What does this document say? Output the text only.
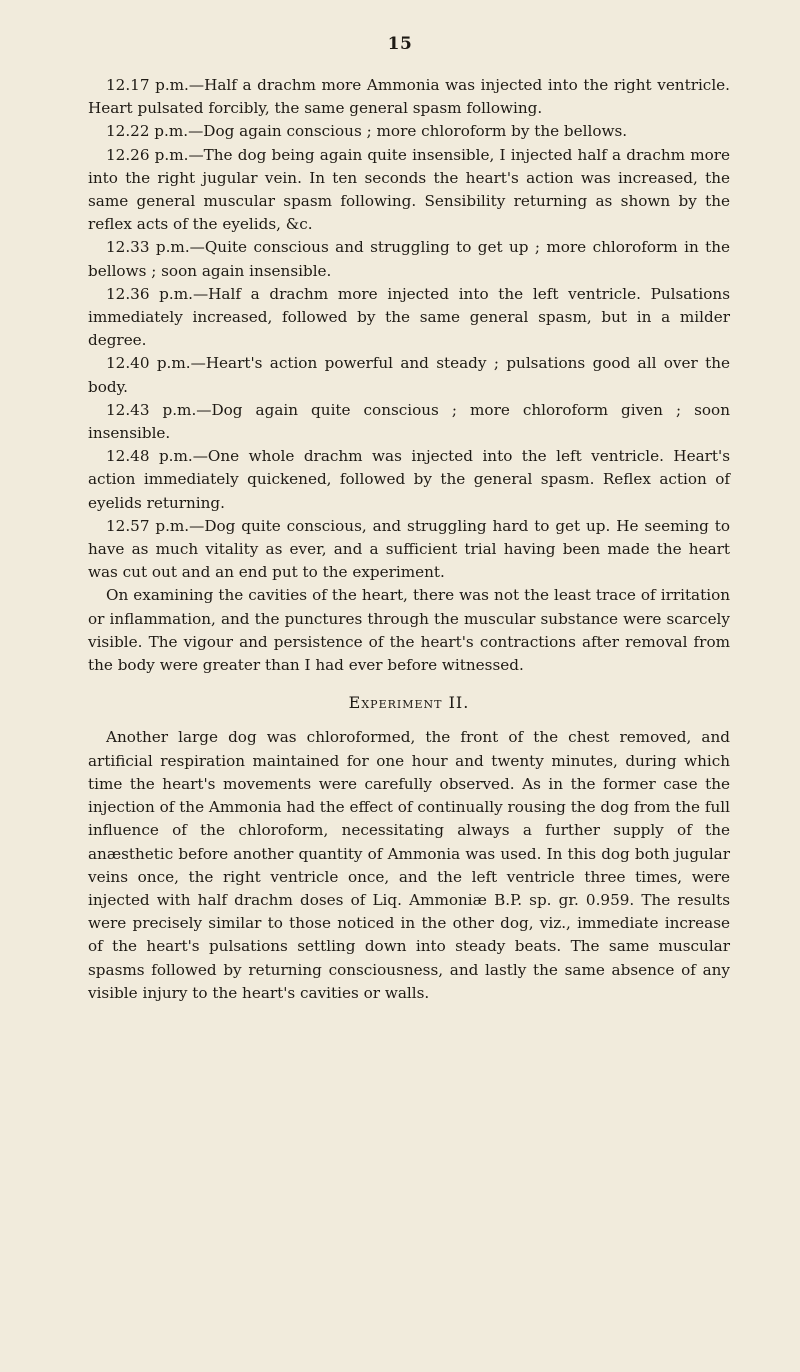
15

12.17 p.m.—Half a drachm more Ammonia was injected into the right ventricle. Heart pulsated forcibly, the same general spasm following.

12.22 p.m.—Dog again conscious ; more chloroform by the bellows.

12.26 p.m.—The dog being again quite insensible, I injected half a drachm more into the right jugular vein. In ten seconds the heart's action was increased, the same general muscular spasm following. Sensibility returning as shown by the reflex acts of the eyelids, &c.

12.33 p.m.—Quite conscious and struggling to get up ; more chloroform in the bellows ; soon again insensible.

12.36 p.m.—Half a drachm more injected into the left ventricle. Pulsations immediately increased, followed by the same general spasm, but in a milder degree.

12.40 p.m.—Heart's action powerful and steady ; pulsations good all over the body.

12.43 p.m.—Dog again quite conscious ; more chloroform given ; soon insensible.

12.48 p.m.—One whole drachm was injected into the left ventricle. Heart's action immediately quickened, followed by the general spasm. Reflex action of eyelids returning.

12.57 p.m.—Dog quite conscious, and struggling hard to get up. He seeming to have as much vitality as ever, and a sufficient trial having been made the heart was cut out and an end put to the experiment.

On examining the cavities of the heart, there was not the least trace of irritation or inflammation, and the punctures through the muscular substance were scarcely visible. The vigour and persistence of the heart's contractions after removal from the body were greater than I had ever before witnessed.

Experiment II.

Another large dog was chloroformed, the front of the chest removed, and artificial respiration maintained for one hour and twenty minutes, during which time the heart's movements were carefully observed. As in the former case the injection of the Ammonia had the effect of continually rousing the dog from the full influence of the chloroform, necessitating always a further supply of the anæsthetic before another quantity of Ammonia was used. In this dog both jugular veins once, the right ventricle once, and the left ventricle three times, were injected with half drachm doses of Liq. Ammoniæ B.P. sp. gr. 0.959. The results were precisely similar to those noticed in the other dog, viz., immediate increase of the heart's pulsations settling down into steady beats. The same muscular spasms followed by returning consciousness, and lastly the same absence of any visible injury to the heart's cavities or walls.
